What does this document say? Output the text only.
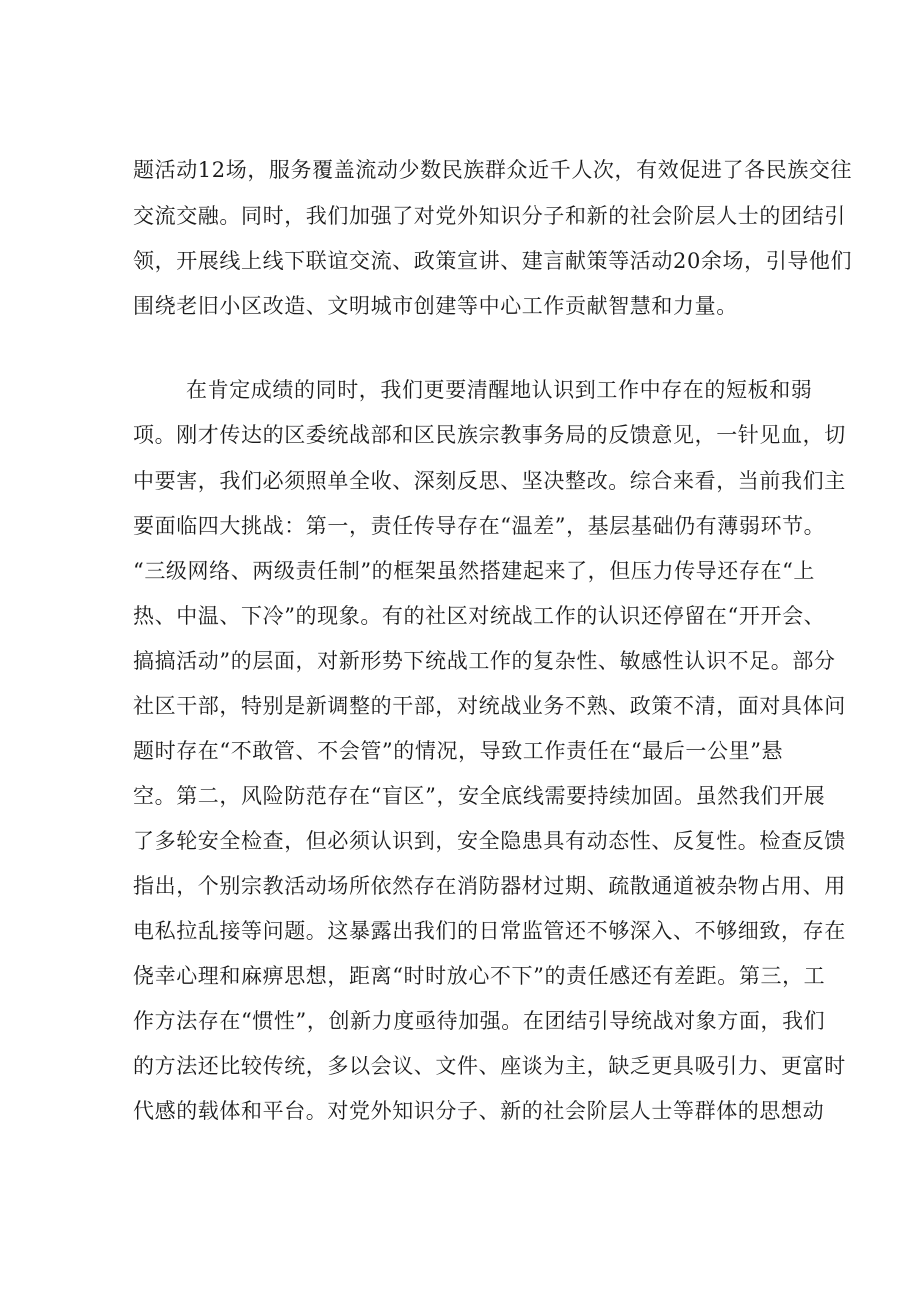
题活动12场，服务覆盖流动少数民族群众近千人次，有效促进了各民族交往
交流交融。同时，我们加强了对党外知识分子和新的社会阶层人士的团结引
领，开展线上线下联谊交流、政策宣讲、建言献策等活动20余场，引导他们
围绕老旧小区改造、文明城市创建等中心工作贡献智慧和力量。
在肯定成绩的同时，我们更要清醒地认识到工作中存在的短板和弱
项。刚才传达的区委统战部和区民族宗教事务局的反馈意见，一针见血，切
中要害，我们必须照单全收、深刻反思、坚决整改。综合来看，当前我们主
要面临四大挑战：第一，责任传导存在“温差”，基层基础仍有薄弱环节。
“三级网络、两级责任制”的框架虽然搭建起来了，但压力传导还存在“上
热、中温、下冷”的现象。有的社区对统战工作的认识还停留在“开开会、
搞搞活动”的层面，对新形势下统战工作的复杂性、敏感性认识不足。部分
社区干部，特别是新调整的干部，对统战业务不熟、政策不清，面对具体问
题时存在“不敢管、不会管”的情况，导致工作责任在“最后一公里”悬
空。第二，风险防范存在“盲区”，安全底线需要持续加固。虽然我们开展
了多轮安全检查，但必须认识到，安全隐患具有动态性、反复性。检查反馈
指出，个别宗教活动场所依然存在消防器材过期、疏散通道被杂物占用、用
电私拉乱接等问题。这暴露出我们的日常监管还不够深入、不够细致，存在
侥幸心理和麻痹思想，距离“时时放心不下”的责任感还有差距。第三，工
作方法存在“惯性”，创新力度亟待加强。在团结引导统战对象方面，我们
的方法还比较传统，多以会议、文件、座谈为主，缺乏更具吸引力、更富时
代感的载体和平台。对党外知识分子、新的社会阶层人士等群体的思想动
